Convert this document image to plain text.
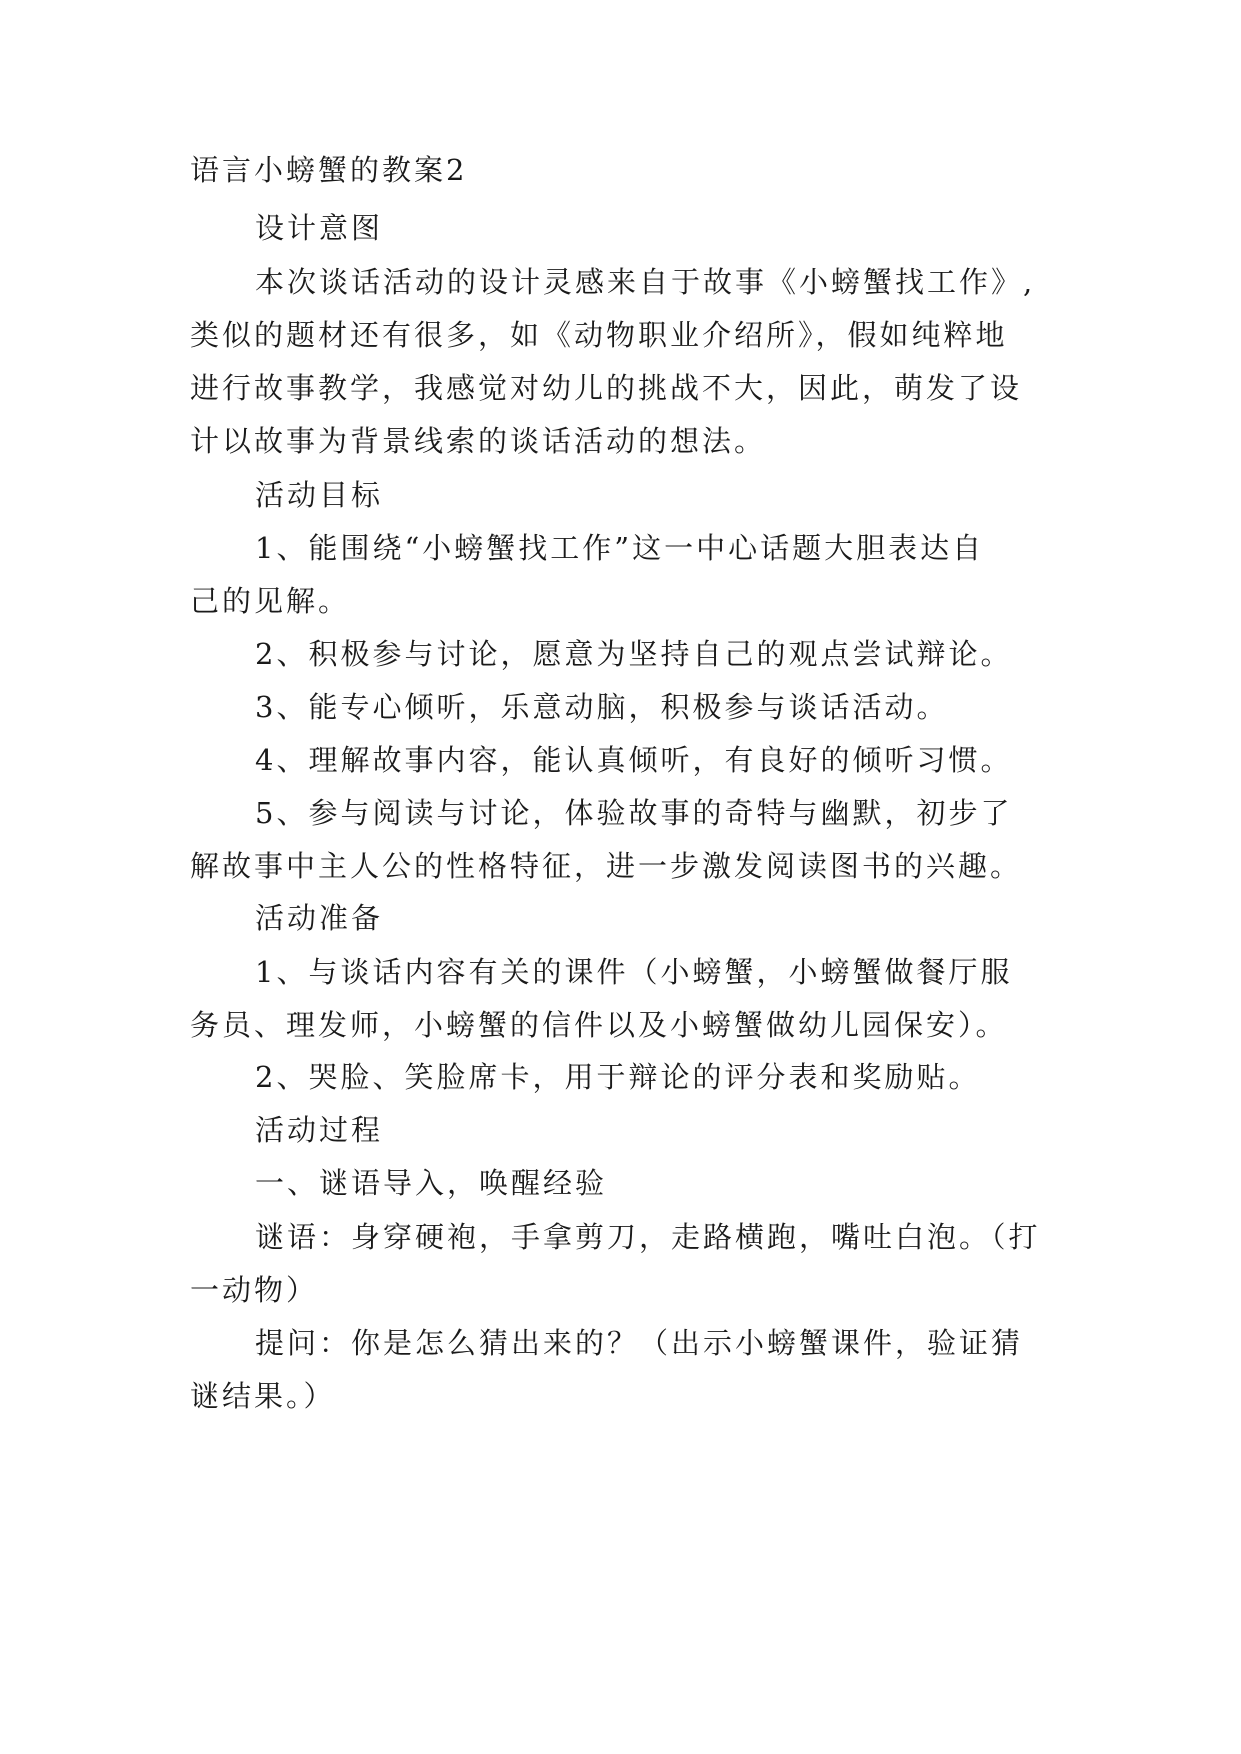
语言小螃蟹的教案2
设计意图
本次谈话活动的设计灵感来自于故事《小螃蟹找工作》,
类似的题材还有很多，如《动物职业介绍所》，假如纯粹地
进行故事教学，我感觉对幼儿的挑战不大，因此，萌发了设
计以故事为背景线索的谈话活动的想法。
活动目标
1、能围绕“小螃蟹找工作”这一中心话题大胆表达自
己的见解。
2、积极参与讨论，愿意为坚持自己的观点尝试辩论。
3、能专心倾听，乐意动脑，积极参与谈话活动。
4、理解故事内容，能认真倾听，有良好的倾听习惯。
5、参与阅读与讨论，体验故事的奇特与幽默，初步了
解故事中主人公的性格特征，进一步激发阅读图书的兴趣。
活动准备
1、与谈话内容有关的课件（小螃蟹，小螃蟹做餐厅服
务员、理发师，小螃蟹的信件以及小螃蟹做幼儿园保安）。
2、哭脸、笑脸席卡，用于辩论的评分表和奖励贴。
活动过程
一、谜语导入，唤醒经验
谜语：身穿硬袍，手拿剪刀，走路横跑，嘴吐白泡。（打
一动物）
提问：你是怎么猜出来的？（出示小螃蟹课件，验证猜
谜结果。）
